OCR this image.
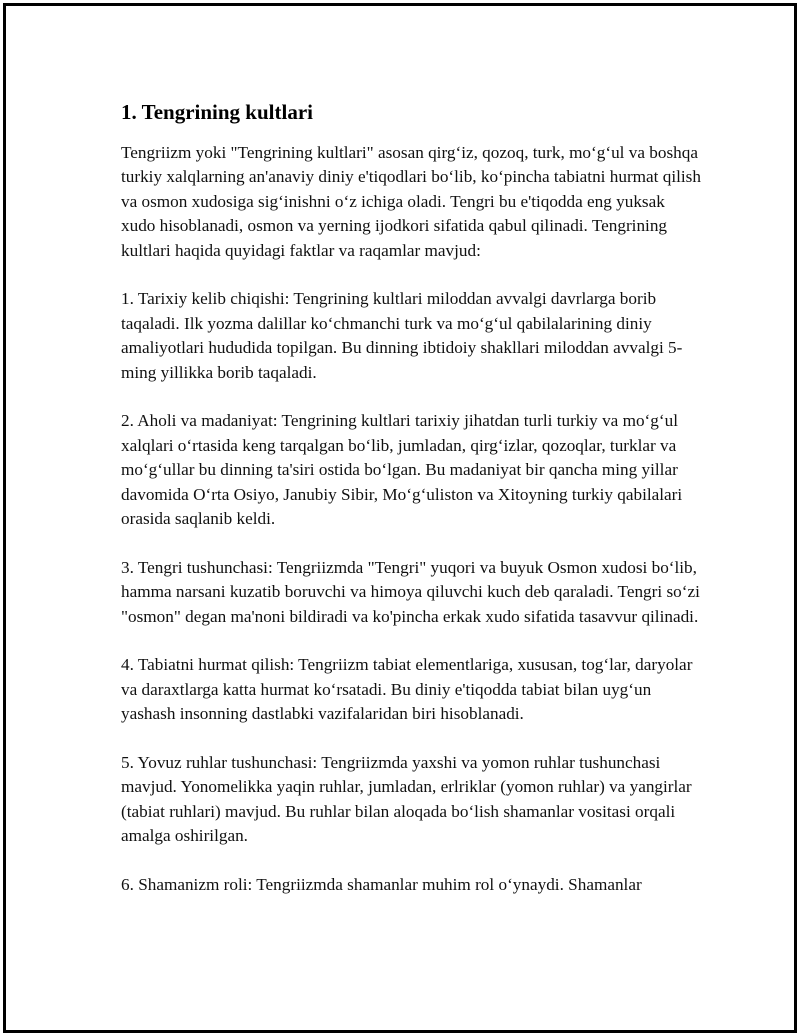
1. Tengrining kultlari

Tengriizm yoki "Tengrining kultlari" asosan qirg‘iz, qozoq, turk, mo‘g‘ul va boshqa turkiy xalqlarning an'anaviy diniy e'tiqodlari bo‘lib, ko‘pincha tabiatni hurmat qilish va osmon xudosiga sig‘inishni o‘z ichiga oladi. Tengri bu e'tiqodda eng yuksak xudo hisoblanadi, osmon va yerning ijodkori sifatida qabul qilinadi. Tengrining kultlari haqida quyidagi faktlar va raqamlar mavjud:

1. Tarixiy kelib chiqishi: Tengrining kultlari miloddan avvalgi davrlarga borib taqaladi. Ilk yozma dalillar ko‘chmanchi turk va mo‘g‘ul qabilalarining diniy amaliyotlari hududida topilgan. Bu dinning ibtidoiy shakllari miloddan avvalgi 5-ming yillikka borib taqaladi.

2. Aholi va madaniyat: Tengrining kultlari tarixiy jihatdan turli turkiy va mo‘g‘ul xalqlari o‘rtasida keng tarqalgan bo‘lib, jumladan, qirg‘izlar, qozoqlar, turklar va mo‘g‘ullar bu dinning ta'siri ostida bo‘lgan. Bu madaniyat bir qancha ming yillar davomida O‘rta Osiyo, Janubiy Sibir, Mo‘g‘uliston va Xitoyning turkiy qabilalari orasida saqlanib keldi.

3. Tengri tushunchasi: Tengriizmda "Tengri" yuqori va buyuk Osmon xudosi bo‘lib, hamma narsani kuzatib boruvchi va himoya qiluvchi kuch deb qaraladi. Tengri so‘zi "osmon" degan ma'noni bildiradi va ko'pincha erkak xudo sifatida tasavvur qilinadi.

4. Tabiatni hurmat qilish: Tengriizm tabiat elementlariga, xususan, tog‘lar, daryolar va daraxtlarga katta hurmat ko‘rsatadi. Bu diniy e'tiqodda tabiat bilan uyg‘un yashash insonning dastlabki vazifalaridan biri hisoblanadi.

5. Yovuz ruhlar tushunchasi: Tengriizmda yaxshi va yomon ruhlar tushunchasi mavjud. Yonomelikka yaqin ruhlar, jumladan, erlriklar (yomon ruhlar) va yangirlar (tabiat ruhlari) mavjud. Bu ruhlar bilan aloqada bo‘lish shamanlar vositasi orqali amalga oshirilgan.

6. Shamanizm roli: Tengriizmda shamanlar muhim rol o‘ynaydi. Shamanlar
